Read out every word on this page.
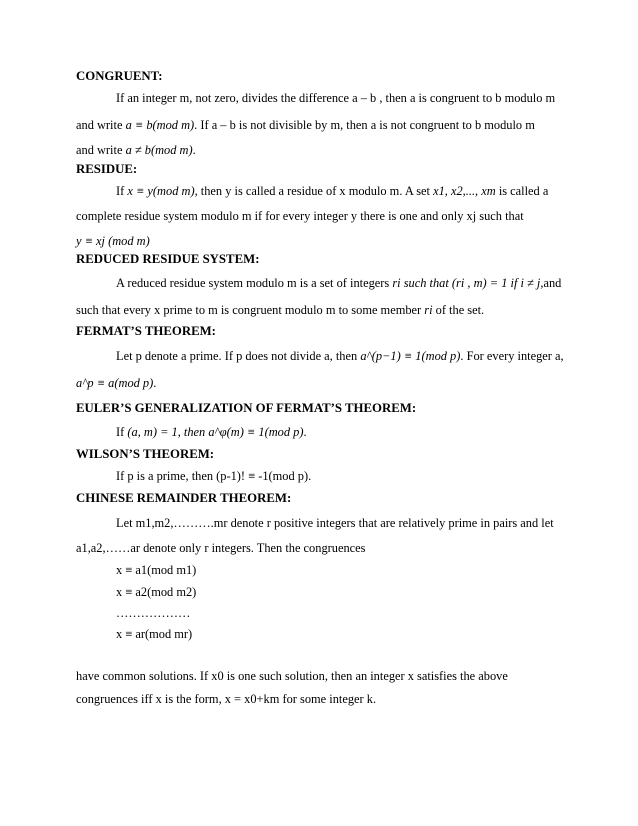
CONGRUENT:
If an integer m, not zero, divides the difference a – b , then a is congruent to b modulo m
and write a ≡ b(mod m). If a – b is not divisible by m, then a is not congruent to b modulo m
and write a ≠ b(mod m).
RESIDUE:
If x ≡ y(mod m), then y is called a residue of x modulo m. A set x1, x2,..., xm is called a
complete residue system modulo m if for every integer y there is one and only xj such that
y ≡ xj (mod m)
REDUCED RESIDUE SYSTEM:
A reduced residue system modulo m is a set of integers ri such that (ri , m) = 1 if i ≠ j,and
such that every x prime to m is congruent modulo m to some member ri of the set.
FERMAT’S THEOREM:
Let p denote a prime. If p does not divide a, then a^(p−1) ≡ 1(mod p). For every integer a,
a^p ≡ a(mod p).
EULER’S GENERALIZATION OF FERMAT’S THEOREM:
If (a, m) = 1, then a^φ(m) ≡ 1(mod p).
WILSON’S THEOREM:
If p is a prime, then (p-1)! ≡ -1(mod p).
CHINESE REMAINDER THEOREM:
Let m1,m2,……….mr denote r positive integers that are relatively prime in pairs and let
a1,a2,……ar denote only r integers. Then the congruences
x ≡ a1(mod m1)
x ≡ a2(mod m2)
………………
x ≡ ar(mod mr)
have common solutions. If x0 is one such solution, then an integer x satisfies the above
congruences iff x is the form, x = x0+km for some integer k.
